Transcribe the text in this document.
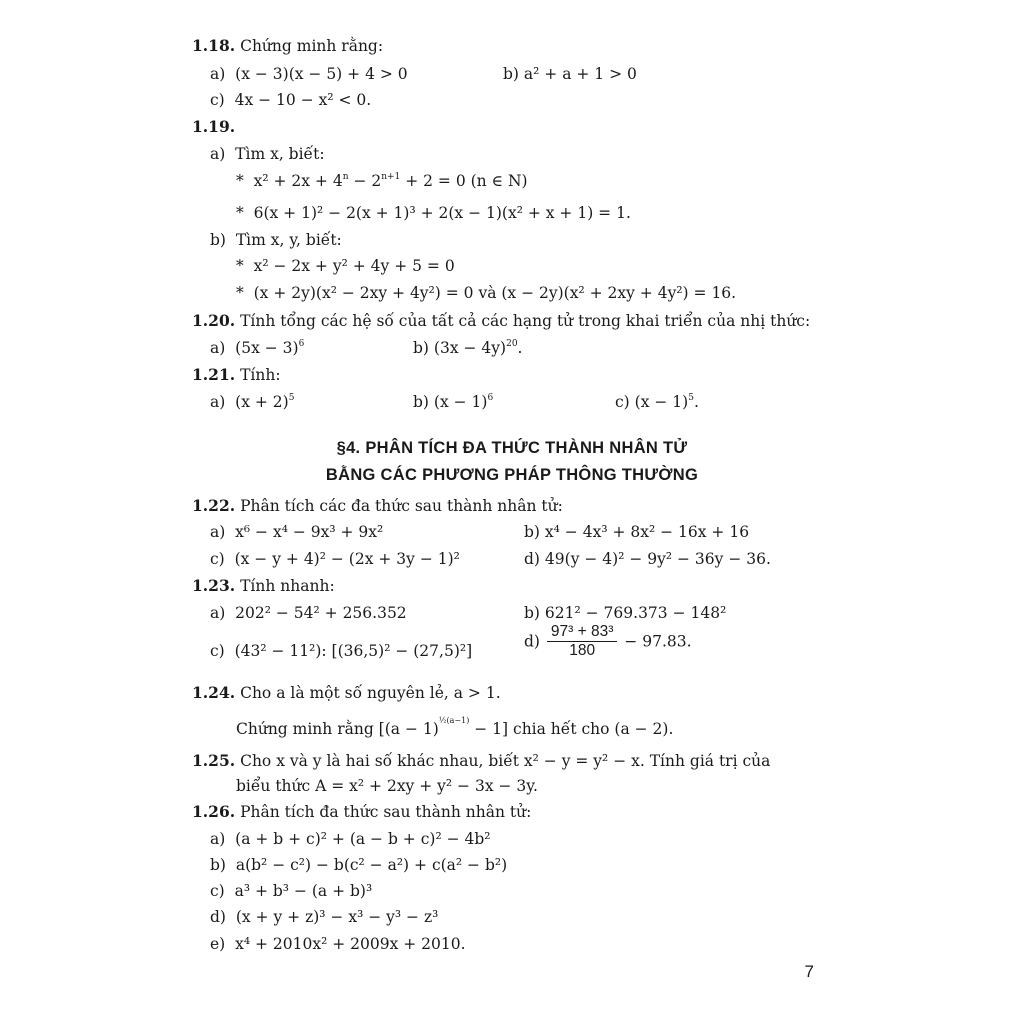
1.18. Chứng minh rằng:
a) (x − 3)(x − 5) + 4 > 0	b) a² + a + 1 > 0
c) 4x − 10 − x² < 0.
1.19.
a) Tìm x, biết:
* $x^2 + 2x + 4^n - 2^{n+1} + 2 = 0$ (n ∈ N)
* 6(x + 1)² − 2(x + 1)³ + 2(x − 1)(x² + x + 1) = 1.
b) Tìm x, y, biết:
* x² − 2x + y² + 4y + 5 = 0
* (x + 2y)(x² − 2xy + 4y²) = 0 và (x − 2y)(x² + 2xy + 4y²) = 16.
1.20. Tính tổng các hệ số của tất cả các hạng tử trong khai triển của nhị thức:
a) $(5x - 3)^6$	b) $(3x - 4y)^{20}$.
1.21. Tính:
a) $(x + 2)^5$	b) $(x - 1)^6$	c) $(x - 1)^5$.
§4. PHÂN TÍCH ĐA THỨC THÀNH NHÂN TỬ
BẰNG CÁC PHƯƠNG PHÁP THÔNG THƯỜNG
1.22. Phân tích các đa thức sau thành nhân tử:
a) x⁶ − x⁴ − 9x³ + 9x²	b) x⁴ − 4x³ + 8x² − 16x + 16
c) (x − y + 4)² − (2x + 3y − 1)²	d) 49(y − 4)² − 9y² − 36y − 36.
1.23. Tính nhanh:
a) 202² − 54² + 256.352	b) 621² − 769.373 − 148²
c) (43² − 11²): [(36,5)² − (27,5)²]
$d) \frac{\text{97³ + 83³}}{180} - 97.83$.
1.24. Cho a là một số nguyên lẻ, a > 1.
Chứng minh rằng $[(a - 1)^{\frac{1}{2}(a-1)} - 1]$ chia hết cho (a − 2).
1.25. Cho x và y là hai số khác nhau, biết x² − y = y² − x. Tính giá trị của
biểu thức A = x² + 2xy + y² − 3x − 3y.
1.26. Phân tích đa thức sau thành nhân tử:
a) (a + b + c)² + (a − b + c)² − 4b²
b) a(b² − c²) − b(c² − a²) + c(a² − b²)
c) a³ + b³ − (a + b)³
d) (x + y + z)³ − x³ − y³ − z³
e) x⁴ + 2010x² + 2009x + 2010.
7
